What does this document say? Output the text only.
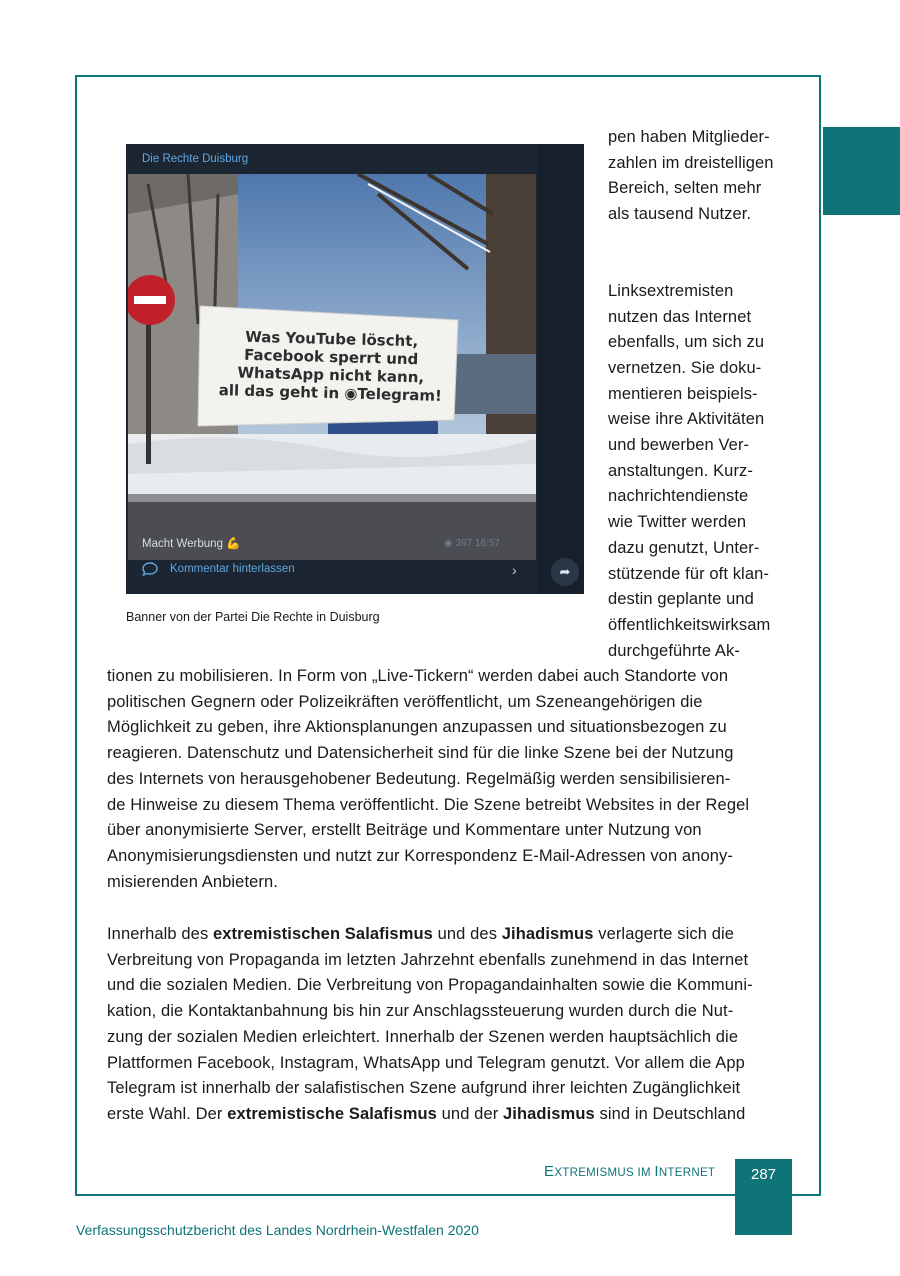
Was YouTube löscht,
Facebook sperrt und
WhatsApp nicht kann,
all das geht in ◉Telegram!
Die Rechte Duisburg
Macht Werbung 💪	◉ 397 16:57
Kommentar hinterlassen	›	➦
Banner von der Partei Die Rechte in Duisburg

pen haben Mitglieder-

zahlen im dreistelligen

Bereich, selten mehr

als tausend Nutzer.

Linksextremisten

nutzen das Internet

ebenfalls, um sich zu

vernetzen. Sie doku-

mentieren beispiels-

weise ihre Aktivitäten

und bewerben Ver-

anstaltungen. Kurz-

nachrichtendienste

wie Twitter werden

dazu genutzt, Unter-

stützende für oft klan-

destin geplante und

öffentlichkeitswirksam

durchgeführte Ak-

tionen zu mobilisieren. In Form von „Live-Tickern“ werden dabei auch Standorte von

politischen Gegnern oder Polizeikräften veröffentlicht, um Szeneangehörigen die

Möglichkeit zu geben, ihre Aktionsplanungen anzupassen und situationsbezogen zu

reagieren. Datenschutz und Datensicherheit sind für die linke Szene bei der Nutzung

des Internets von herausgehobener Bedeutung. Regelmäßig werden sensibilisieren-

de Hinweise zu diesem Thema veröffentlicht. Die Szene betreibt Websites in der Regel

über anonymisierte Server, erstellt Beiträge und Kommentare unter Nutzung von

Anonymisierungsdiensten und nutzt zur Korrespondenz E-Mail-Adressen von anony-

misierenden Anbietern.

Innerhalb des extremistischen Salafismus und des Jihadismus verlagerte sich die

Verbreitung von Propaganda im letzten Jahrzehnt ebenfalls zunehmend in das Internet

und die sozialen Medien. Die Verbreitung von Propagandainhalten sowie die Kommuni-

kation, die Kontaktanbahnung bis hin zur Anschlagssteuerung wurden durch die Nut-

zung der sozialen Medien erleichtert. Innerhalb der Szenen werden hauptsächlich die

Plattformen Facebook, Instagram, WhatsApp und Telegram genutzt. Vor allem die App

Telegram ist innerhalb der salafistischen Szene aufgrund ihrer leichten Zugänglichkeit

erste Wahl. Der extremistische Salafismus und der Jihadismus sind in Deutschland

EXTREMISMUS IM INTERNET	287
Verfassungsschutzbericht des Landes Nordrhein-Westfalen 2020
